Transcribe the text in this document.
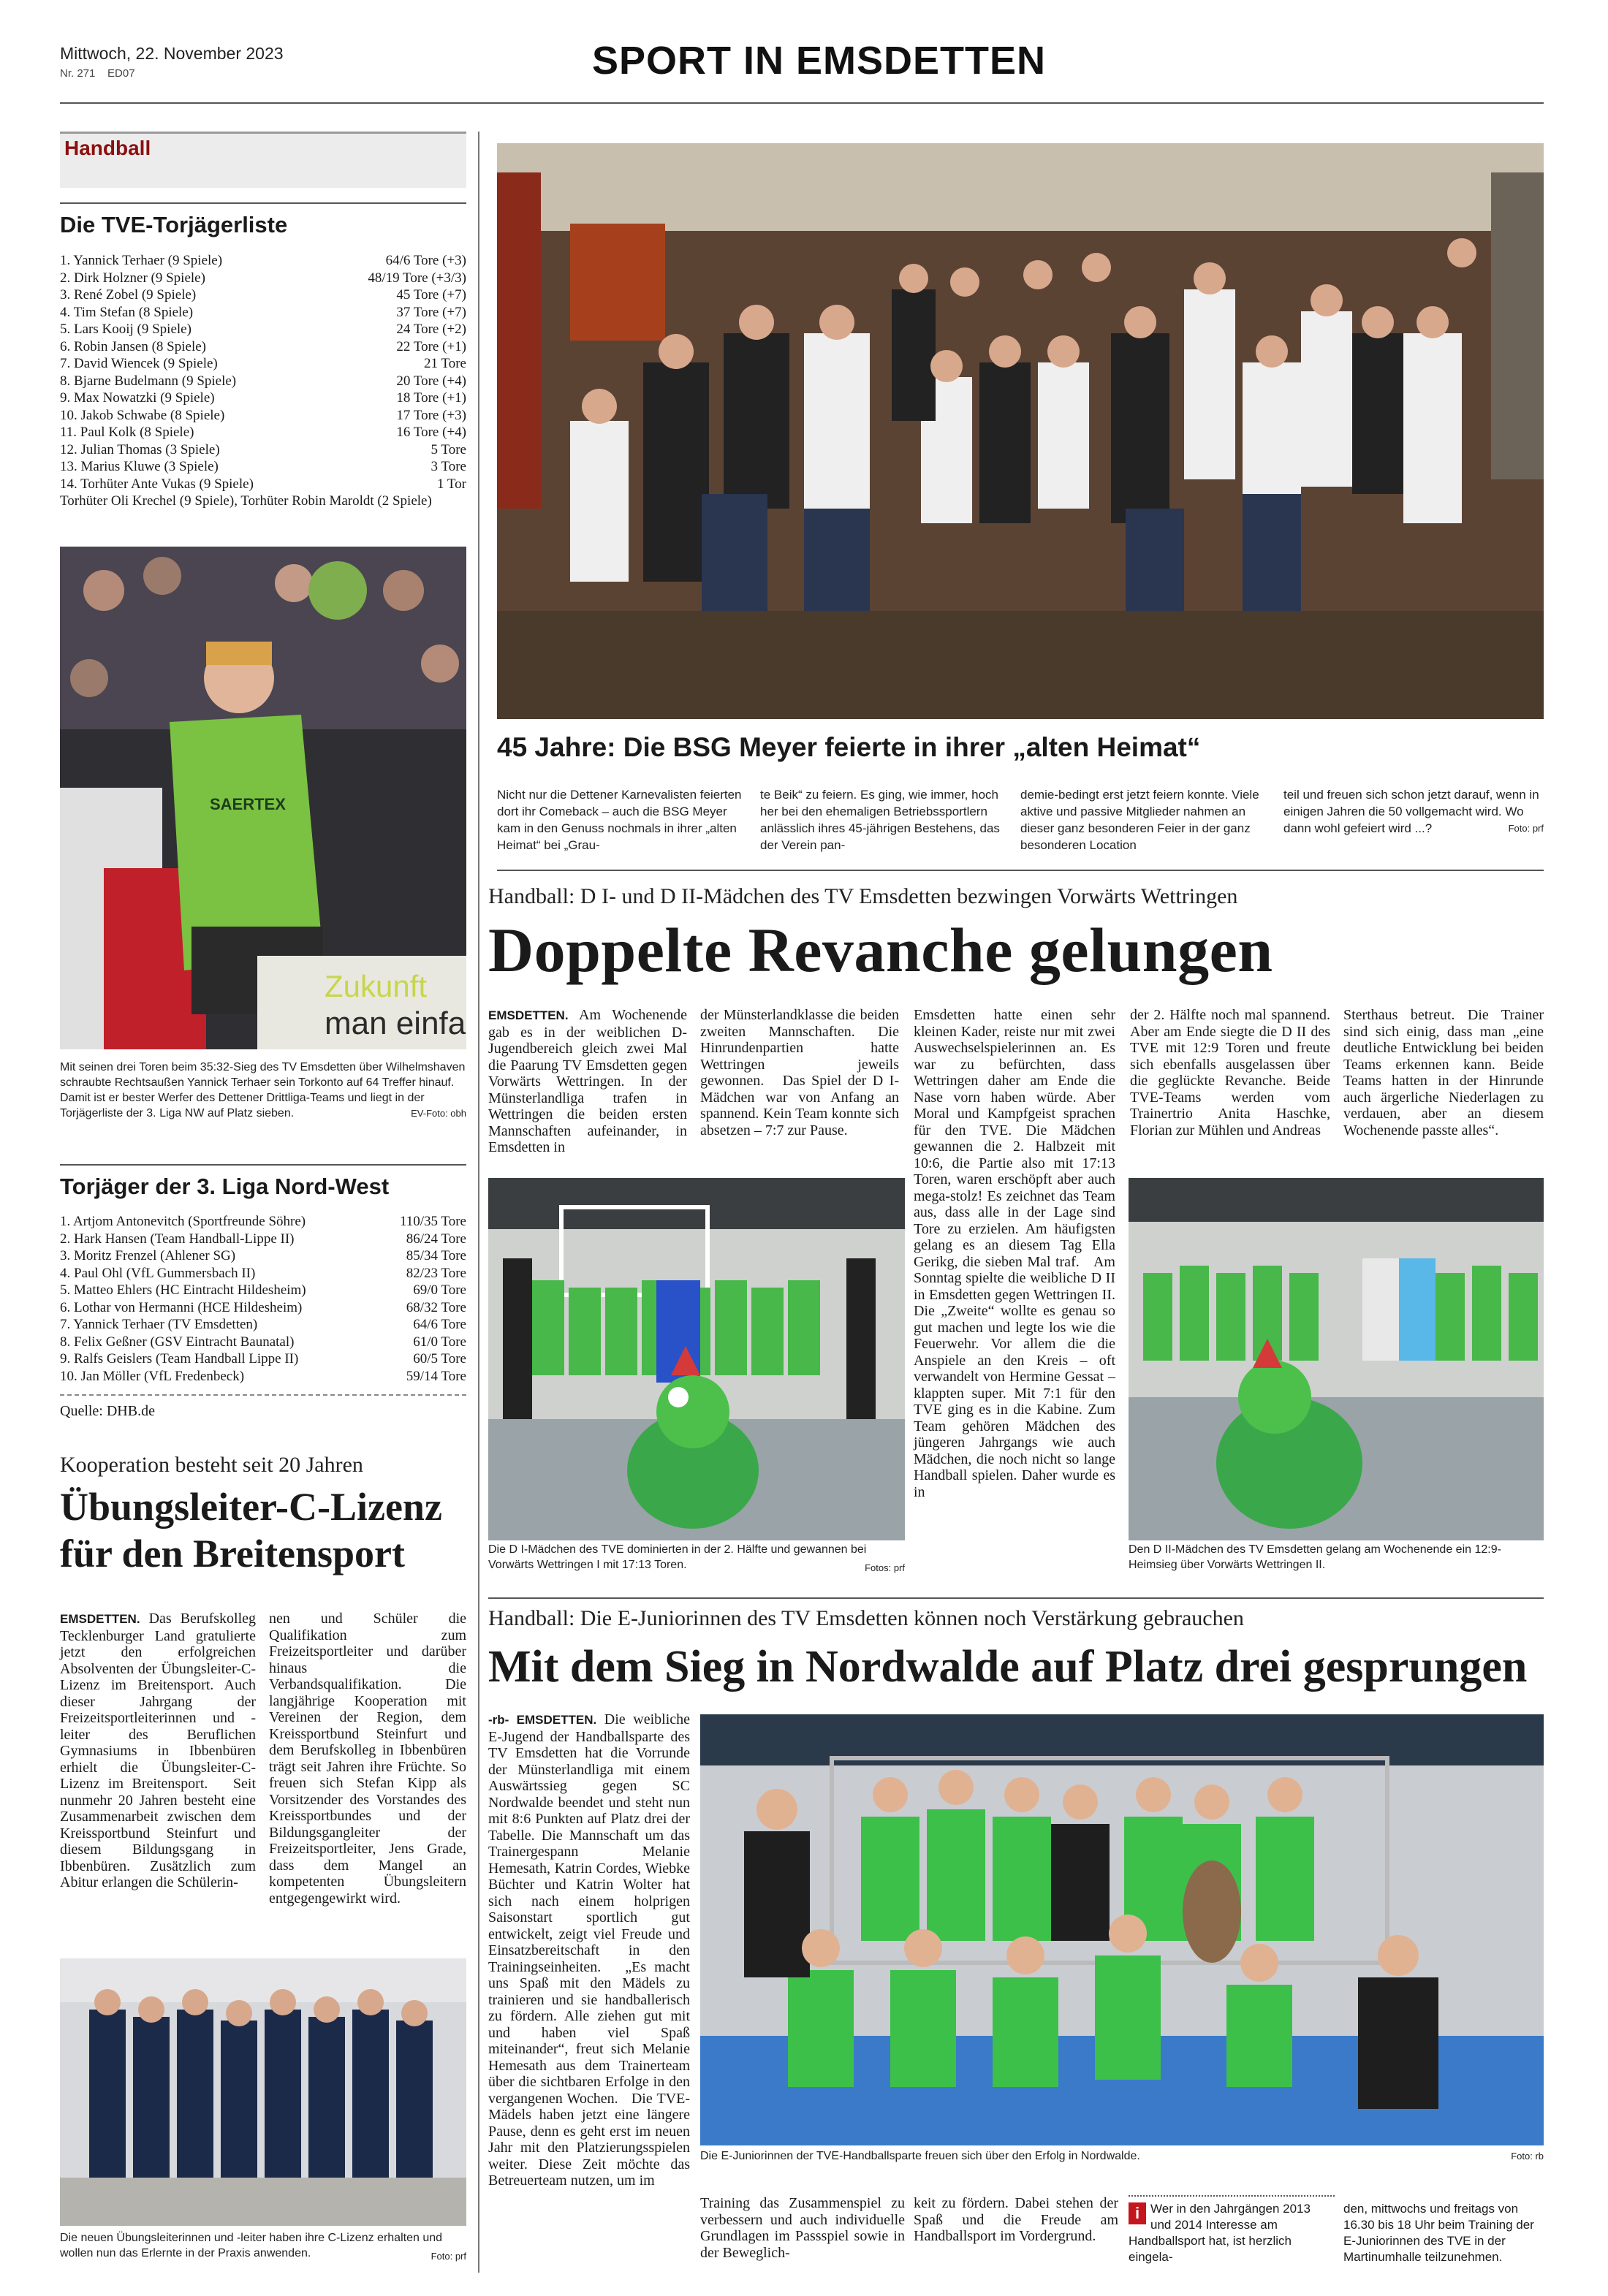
Mittwoch, 22. November 2023
Nr. 271 ED07	SPORT IN EMSDETTEN
Handball
Die TVE-Torjägerliste
1. Yannick Terhaer (9 Spiele)	64/6 Tore (+3)
2. Dirk Holzner (9 Spiele)	48/19 Tore (+3/3)
3. René Zobel (9 Spiele)	45 Tore (+7)
4. Tim Stefan (8 Spiele)	37 Tore (+7)
5. Lars Kooij (9 Spiele)	24 Tore (+2)
6. Robin Jansen (8 Spiele)	22 Tore (+1)
7. David Wiencek (9 Spiele)	21 Tore
8. Bjarne Budelmann (9 Spiele)	20 Tore (+4)
9. Max Nowatzki (9 Spiele)	18 Tore (+1)
10. Jakob Schwabe (8 Spiele)	17 Tore (+3)
11. Paul Kolk (8 Spiele)	16 Tore (+4)
12. Julian Thomas (3 Spiele)	5 Tore
13. Marius Kluwe (3 Spiele)	3 Tore
14. Torhüter Ante Vukas (9 Spiele)	1 Tor
Torhüter Oli Krechel (9 Spiele), Torhüter Robin Maroldt (2 Spiele)
SAERTEX
Zukunft
man einfa
Mit seinen drei Toren beim 35:32-Sieg des TV Emsdetten über Wilhelmshaven schraubte Rechtsaußen Yannick Terhaer sein Torkonto auf 64 Treffer hinauf. Damit ist er bester Werfer des Dettener Drittliga-Teams und liegt in der Torjägerliste der 3. Liga NW auf Platz sieben.	EV-Foto: obh
Torjäger der 3. Liga Nord-West
1. Artjom Antonevitch (Sportfreunde Söhre)	110/35 Tore
2. Hark Hansen (Team Handball-Lippe II)	86/24 Tore
3. Moritz Frenzel (Ahlener SG)	85/34 Tore
4. Paul Ohl (VfL Gummersbach II)	82/23 Tore
5. Matteo Ehlers (HC Eintracht Hildesheim)	69/0 Tore
6. Lothar von Hermanni (HCE Hildesheim)	68/32 Tore
7. Yannick Terhaer (TV Emsdetten)	64/6 Tore
8. Felix Geßner (GSV Eintracht Baunatal)	61/0 Tore
9. Ralfs Geislers (Team Handball Lippe II)	60/5 Tore
10. Jan Möller (VfL Fredenbeck)	59/14 Tore
Quelle: DHB.de
Kooperation besteht seit 20 Jahren
Übungsleiter-C-Lizenz für den Breitensport
EMSDETTEN. Das Berufskolleg Tecklenburger Land gratulierte jetzt den erfolgreichen Absolventen der Übungsleiter-C-Lizenz im Breitensport. Auch dieser Jahrgang der Freizeitsportleiterinnen und -leiter des Beruflichen Gymnasiums in Ibbenbüren erhielt die Übungsleiter-C-Lizenz im Breitensport.   Seit nunmehr 20 Jahren besteht eine Zusammenarbeit zwischen dem Kreissportbund Steinfurt und diesem Bildungsgang in Ibbenbüren. Zusätzlich zum Abitur erlangen die Schülerin-
nen und Schüler die Qualifikation zum Freizeitsportleiter und darüber hinaus die Verbandsqualifikation.   Die langjährige Kooperation mit Vereinen der Region, dem Kreissportbund Steinfurt und dem Berufskolleg in Ibbenbüren trägt seit Jahren ihre Früchte. So freuen sich Stefan Kipp als Vorsitzender des Vorstandes des Kreissportbundes und der Bildungsgangleiter der Freizeitsportleiter, Jens Grade, dass dem Mangel an kompetenten Übungsleitern entgegengewirkt wird.
Die neuen Übungsleiterinnen und -leiter haben ihre C-Lizenz erhalten und wollen nun das Erlernte in der Praxis anwenden.	Foto: prf
45 Jahre: Die BSG Meyer feierte in ihrer „alten Heimat“
Nicht nur die Dettener Karnevalisten feierten dort ihr Comeback – auch die BSG Meyer kam in den Genuss nochmals in ihrer „alten Heimat“ bei „Grau-
te Beik“ zu feiern. Es ging, wie immer, hoch her bei den ehemaligen Betriebssportlern anlässlich ihres 45-jährigen Bestehens, das der Verein pan-
demie-bedingt erst jetzt feiern konnte. Viele aktive und passive Mitglieder nahmen an dieser ganz besonderen Feier in der ganz besonderen Location
teil und freuen sich schon jetzt darauf, wenn in einigen Jahren die 50 vollgemacht wird. Wo dann wohl gefeiert wird ...?	Foto: prf
Handball: D I- und D II-Mädchen des TV Emsdetten bezwingen Vorwärts Wettringen
Doppelte Revanche gelungen
EMSDETTEN. Am Wochenende gab es in der weiblichen D-Jugendbereich gleich zwei Mal die Paarung TV Emsdetten gegen Vorwärts Wettringen. In der Münsterlandliga trafen in Wettringen die beiden ersten Mannschaften aufeinander, in Emsdetten in
der Münsterlandklasse die beiden zweiten Mannschaften. Die Hinrundenpartien hatte Wettringen jeweils gewonnen.   Das Spiel der D I-Mädchen war von Anfang an spannend. Kein Team konnte sich absetzen – 7:7 zur Pause.
Emsdetten hatte einen sehr kleinen Kader, reiste nur mit zwei Auswechselspielerinnen an. Es war zu befürchten, dass Wettringen daher am Ende die Nase vorn haben würde. Aber Moral und Kampfgeist sprachen für den TVE. Die Mädchen gewannen die 2. Halbzeit mit 10:6, die Partie also mit 17:13 Toren, waren erschöpft aber auch mega-stolz! Es zeichnet das Team aus, dass alle in der Lage sind Tore zu erzielen. Am häufigsten gelang es an diesem Tag Ella Gerikg, die sieben Mal traf.   Am Sonntag spielte die weibliche D II in Emsdetten gegen Wettringen II. Die „Zweite“ wollte es genau so gut machen und legte los wie die Feuerwehr. Vor allem die die Anspiele an den Kreis – oft verwandelt von Hermine Gessat – klappten super. Mit 7:1 für den TVE ging es in die Kabine. Zum Team gehören Mädchen des jüngeren Jahrgangs wie auch Mädchen, die noch nicht so lange Handball spielen. Daher wurde es in
der 2. Hälfte noch mal spannend. Aber am Ende siegte die D II des TVE mit 12:9 Toren und freute sich ebenfalls ausgelassen über die geglückte Revanche. Beide TVE-Teams werden vom Trainertrio Anita Haschke, Florian zur Mühlen und Andreas
Sterthaus betreut. Die Trainer sind sich einig, dass man „eine deutliche Entwicklung bei beiden Teams erkennen kann. Beide Teams hatten in der Hinrunde auch ärgerliche Niederlagen zu verdauen, aber an diesem Wochenende passte alles“.
Die D I-Mädchen des TVE dominierten in der 2. Hälfte und gewannen bei Vorwärts Wettringen I mit 17:13 Toren.	Fotos: prf
Den D II-Mädchen des TV Emsdetten gelang am Wochenende ein 12:9-Heimsieg über Vorwärts Wettringen II.
Handball: Die E-Juniorinnen des TV Emsdetten können noch Verstärkung gebrauchen
Mit dem Sieg in Nordwalde auf Platz drei gesprungen
-rb- EMSDETTEN. Die weibliche E-Jugend der Handballsparte des TV Emsdetten hat die Vorrunde der Münsterlandliga mit einem Auswärtssieg gegen SC Nordwalde beendet und steht nun mit 8:6 Punkten auf Platz drei der Tabelle. Die Mannschaft um das Trainergespann Melanie Hemesath, Katrin Cordes, Wiebke Büchter und Katrin Wolter hat sich nach einem holprigen Saisonstart sportlich gut entwickelt, zeigt viel Freude und Einsatzbereitschaft in den Trainingseinheiten.   „Es macht uns Spaß mit den Mädels zu trainieren und sie handballerisch zu fördern. Alle ziehen gut mit und haben viel Spaß miteinander“, freut sich Melanie Hemesath aus dem Trainerteam über die sichtbaren Erfolge in den vergangenen Wochen.   Die TVE-Mädels haben jetzt eine längere Pause, denn es geht erst im neuen Jahr mit den Platzierungsspielen weiter. Diese Zeit möchte das Betreuerteam nutzen, um im
Die E-Juniorinnen der TVE-Handballsparte freuen sich über den Erfolg in Nordwalde.	Foto: rb
Training das Zusammenspiel zu verbessern und auch individuelle Grundlagen im Passspiel sowie in der Beweglich-
keit zu fördern. Dabei stehen der Spaß und die Freude am Handballsport im Vordergrund.
i Wer in den Jahrgängen 2013 und 2014 Interesse am Handballsport hat, ist herzlich eingela-
den, mittwochs und freitags von 16.30 bis 18 Uhr beim Training der E-Juniorinnen des TVE in der Martinumhalle teilzunehmen.
